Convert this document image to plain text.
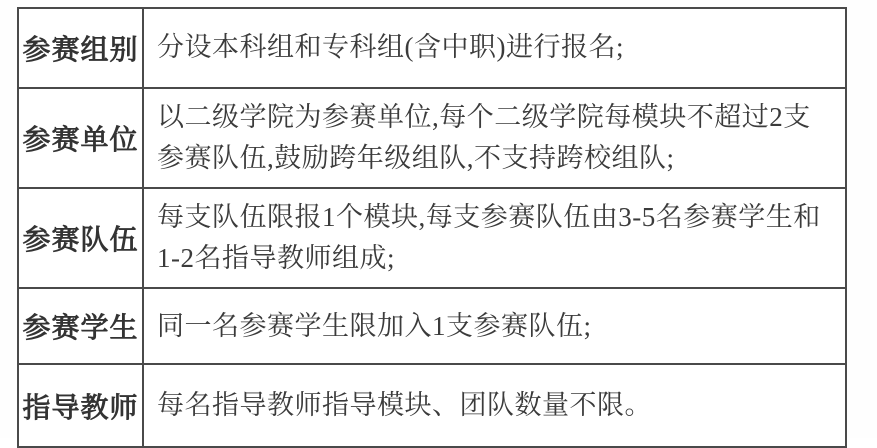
参赛组别 分设本科组和专科组(含中职)进行报名;
参赛单位
以二级学院为参赛单位,每个二级学院每模块不超过2支参赛队伍,鼓励跨年级组队,不支持跨校组队;
参赛队伍
每支队伍限报1个模块,每支参赛队伍由3-5名参赛学生和1-2名指导教师组成;
参赛学生 同一名参赛学生限加入1支参赛队伍;
指导教师 每名指导教师指导模块、团队数量不限。
